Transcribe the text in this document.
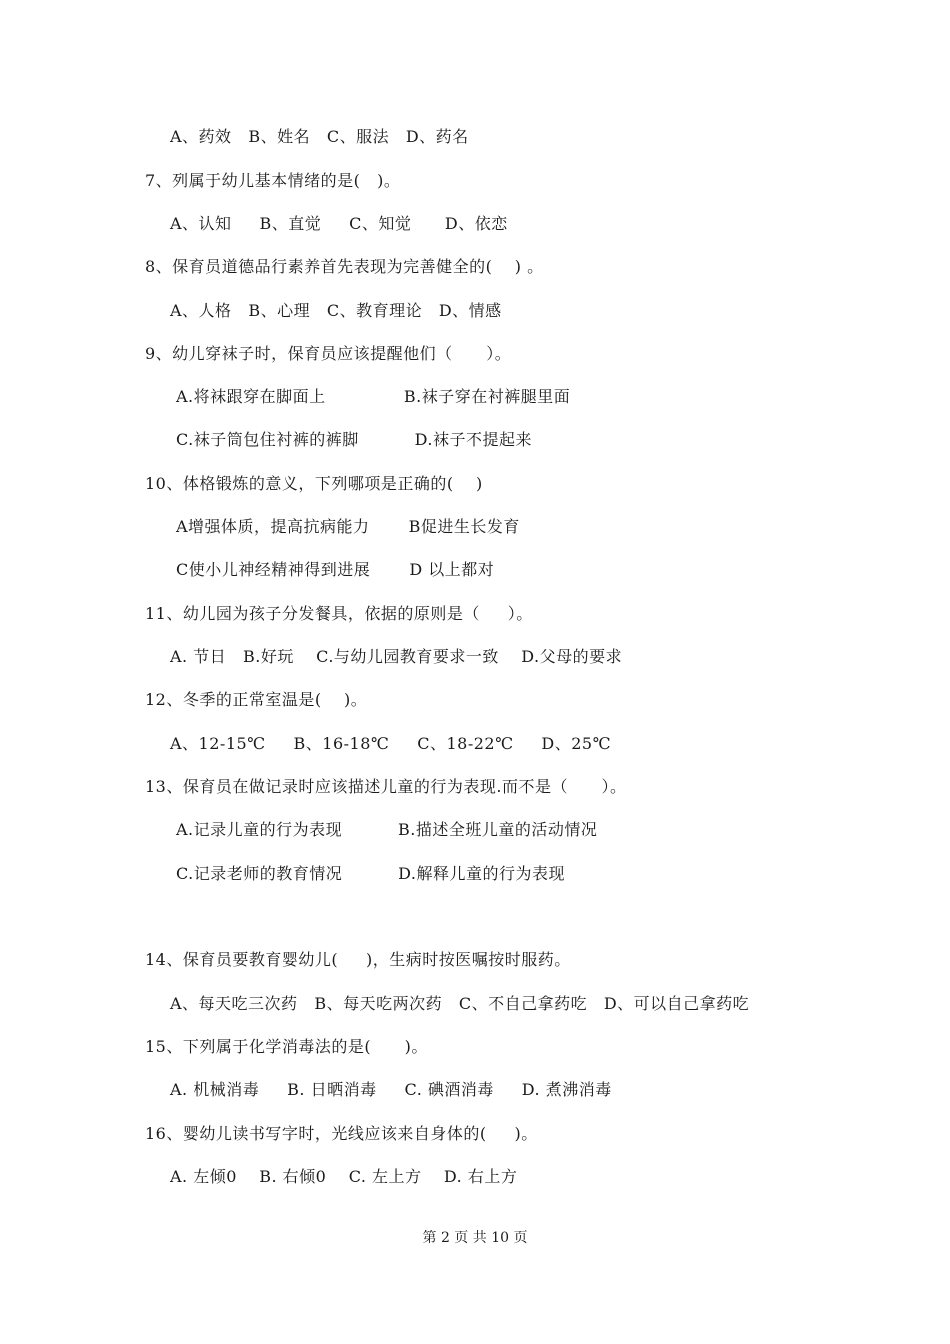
A、药效   B、姓名   C、服法   D、药名
7、列属于幼儿基本情绪的是(   )。
A、认知     B、直觉     C、知觉      D、依恋
8、保育员道德品行素养首先表现为完善健全的(    ) 。
A、人格   B、心理   C、教育理论   D、情感
9、幼儿穿袜子时，保育员应该提醒他们（      ）。
A.将袜跟穿在脚面上              B.袜子穿在衬裤腿里面
C.袜子筒包住衬裤的裤脚          D.袜子不提起来
10、体格锻炼的意义，下列哪项是正确的(    )
A增强体质，提高抗病能力       B促进生长发育
C使小儿神经精神得到进展       D 以上都对
11、幼儿园为孩子分发餐具，依据的原则是（     ）。
A. 节日   B.好玩    C.与幼儿园教育要求一致    D.父母的要求
12、冬季的正常室温是(    )。
A、12-15℃     B、16-18℃     C、18-22℃     D、25℃
13、保育员在做记录时应该描述儿童的行为表现.而不是（      ）。
A.记录儿童的行为表现          B.描述全班儿童的活动情况
C.记录老师的教育情况          D.解释儿童的行为表现
14、保育员要教育婴幼儿(     )，生病时按医嘱按时服药。
A、每天吃三次药   B、每天吃两次药   C、不自己拿药吃   D、可以自己拿药吃
15、下列属于化学消毒法的是(      )。
A. 机械消毒     B. 日晒消毒     C. 碘酒消毒     D. 煮沸消毒
16、婴幼儿读书写字时，光线应该来自身体的(     )。
A. 左倾0    B. 右倾0    C. 左上方    D. 右上方
第 2 页 共 10 页
